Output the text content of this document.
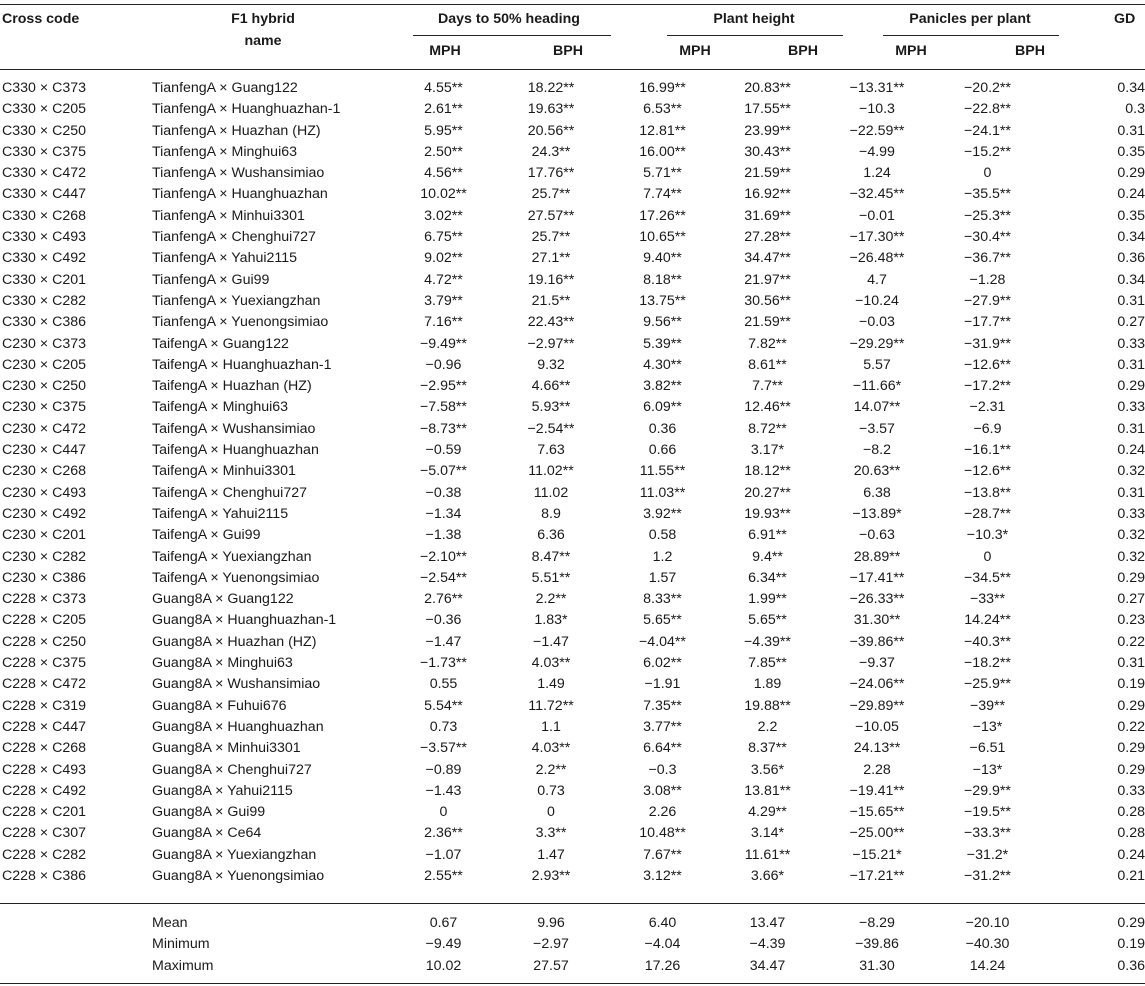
Cross code	F1 hybrid
name
Days to 50% heading	Plant height	Panicles per plant	GD
MPH	BPH	MPH	BPH	MPH	BPH
C330 × C373	TianfengA × Guang122	4.55**	18.22**	16.99**	20.83**	−13.31**	−20.2**	0.34
C330 × C205	TianfengA × Huanghuazhan-1	2.61**	19.63**	6.53**	17.55**	−10.3	−22.8**	0.3
C330 × C250	TianfengA × Huazhan (HZ)	5.95**	20.56**	12.81**	23.99**	−22.59**	−24.1**	0.31
C330 × C375	TianfengA × Minghui63	2.50**	24.3**	16.00**	30.43**	−4.99	−15.2**	0.35
C330 × C472	TianfengA × Wushansimiao	4.56**	17.76**	5.71**	21.59**	1.24	0	0.29
C330 × C447	TianfengA × Huanghuazhan	10.02**	25.7**	7.74**	16.92**	−32.45**	−35.5**	0.24
C330 × C268	TianfengA × Minhui3301	3.02**	27.57**	17.26**	31.69**	−0.01	−25.3**	0.35
C330 × C493	TianfengA × Chenghui727	6.75**	25.7**	10.65**	27.28**	−17.30**	−30.4**	0.34
C330 × C492	TianfengA × Yahui2115	9.02**	27.1**	9.40**	34.47**	−26.48**	−36.7**	0.36
C330 × C201	TianfengA × Gui99	4.72**	19.16**	8.18**	21.97**	4.7	−1.28	0.34
C330 × C282	TianfengA × Yuexiangzhan	3.79**	21.5**	13.75**	30.56**	−10.24	−27.9**	0.31
C330 × C386	TianfengA × Yuenongsimiao	7.16**	22.43**	9.56**	21.59**	−0.03	−17.7**	0.27
C230 × C373	TaifengA × Guang122	−9.49**	−2.97**	5.39**	7.82**	−29.29**	−31.9**	0.33
C230 × C205	TaifengA × Huanghuazhan-1	−0.96	9.32	4.30**	8.61**	5.57	−12.6**	0.31
C230 × C250	TaifengA × Huazhan (HZ)	−2.95**	4.66**	3.82**	7.7**	−11.66*	−17.2**	0.29
C230 × C375	TaifengA × Minghui63	−7.58**	5.93**	6.09**	12.46**	14.07**	−2.31	0.33
C230 × C472	TaifengA × Wushansimiao	−8.73**	−2.54**	0.36	8.72**	−3.57	−6.9	0.31
C230 × C447	TaifengA × Huanghuazhan	−0.59	7.63	0.66	3.17*	−8.2	−16.1**	0.24
C230 × C268	TaifengA × Minhui3301	−5.07**	11.02**	11.55**	18.12**	20.63**	−12.6**	0.32
C230 × C493	TaifengA × Chenghui727	−0.38	11.02	11.03**	20.27**	6.38	−13.8**	0.31
C230 × C492	TaifengA × Yahui2115	−1.34	8.9	3.92**	19.93**	−13.89*	−28.7**	0.33
C230 × C201	TaifengA × Gui99	−1.38	6.36	0.58	6.91**	−0.63	−10.3*	0.32
C230 × C282	TaifengA × Yuexiangzhan	−2.10**	8.47**	1.2	9.4**	28.89**	0	0.32
C230 × C386	TaifengA × Yuenongsimiao	−2.54**	5.51**	1.57	6.34**	−17.41**	−34.5**	0.29
C228 × C373	Guang8A × Guang122	2.76**	2.2**	8.33**	1.99**	−26.33**	−33**	0.27
C228 × C205	Guang8A × Huanghuazhan-1	−0.36	1.83*	5.65**	5.65**	31.30**	14.24**	0.23
C228 × C250	Guang8A × Huazhan (HZ)	−1.47	−1.47	−4.04**	−4.39**	−39.86**	−40.3**	0.22
C228 × C375	Guang8A × Minghui63	−1.73**	4.03**	6.02**	7.85**	−9.37	−18.2**	0.31
C228 × C472	Guang8A × Wushansimiao	0.55	1.49	−1.91	1.89	−24.06**	−25.9**	0.19
C228 × C319	Guang8A × Fuhui676	5.54**	11.72**	7.35**	19.88**	−29.89**	−39**	0.29
C228 × C447	Guang8A × Huanghuazhan	0.73	1.1	3.77**	2.2	−10.05	−13*	0.22
C228 × C268	Guang8A × Minhui3301	−3.57**	4.03**	6.64**	8.37**	24.13**	−6.51	0.29
C228 × C493	Guang8A × Chenghui727	−0.89	2.2**	−0.3	3.56*	2.28	−13*	0.29
C228 × C492	Guang8A × Yahui2115	−1.43	0.73	3.08**	13.81**	−19.41**	−29.9**	0.33
C228 × C201	Guang8A × Gui99	0	0	2.26	4.29**	−15.65**	−19.5**	0.28
C228 × C307	Guang8A × Ce64	2.36**	3.3**	10.48**	3.14*	−25.00**	−33.3**	0.28
C228 × C282	Guang8A × Yuexiangzhan	−1.07	1.47	7.67**	11.61**	−15.21*	−31.2*	0.24
C228 × C386	Guang8A × Yuenongsimiao	2.55**	2.93**	3.12**	3.66*	−17.21**	−31.2**	0.21
	Mean	0.67	9.96	6.40	13.47	−8.29	−20.10	0.29
	Minimum	−9.49	−2.97	−4.04	−4.39	−39.86	−40.30	0.19
	Maximum	10.02	27.57	17.26	34.47	31.30	14.24	0.36
